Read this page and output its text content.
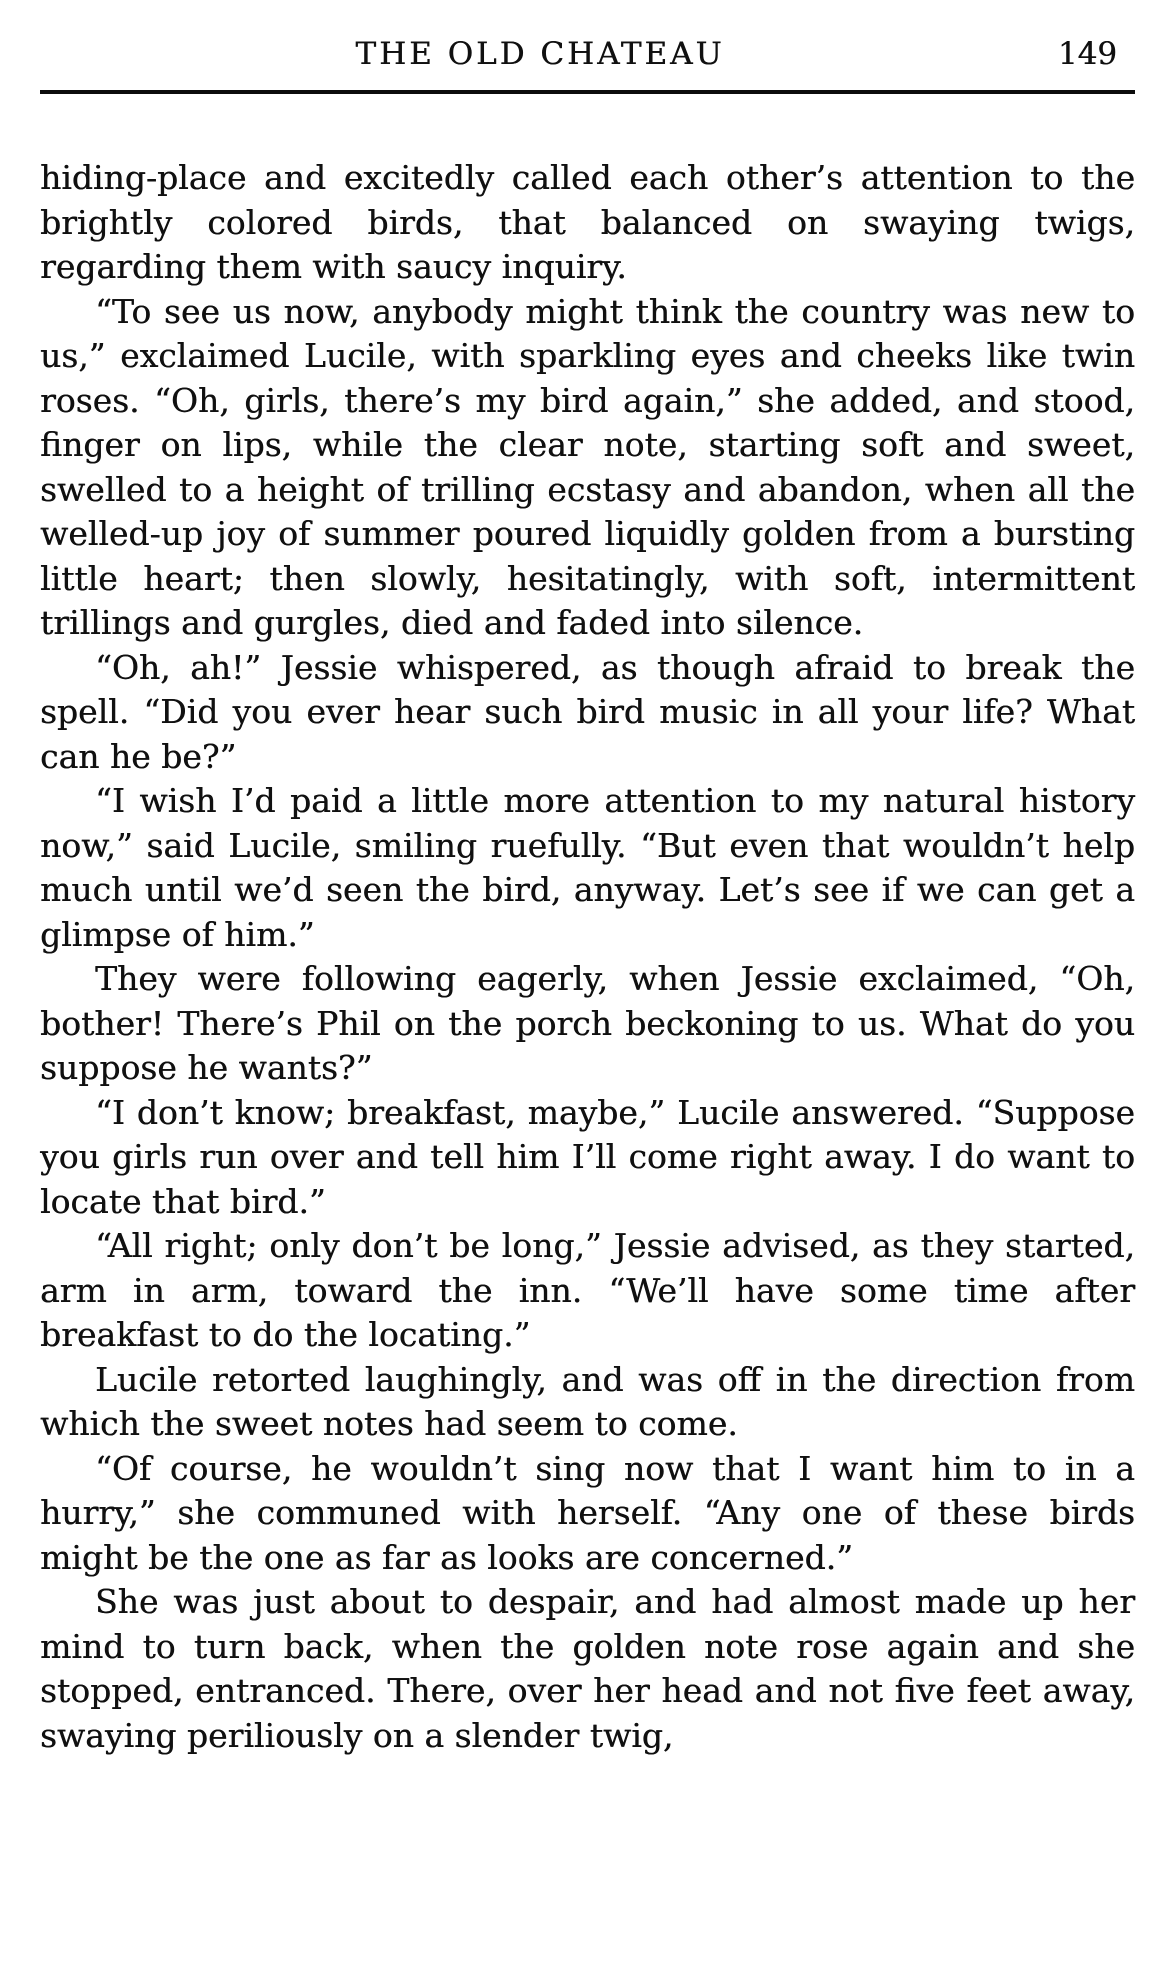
THE OLD CHATEAU	149

hiding-place and excitedly called each other’s attention to the brightly colored birds, that balanced on swaying twigs, regarding them with saucy inquiry.

“To see us now, anybody might think the country was new to us,” exclaimed Lucile, with sparkling eyes and cheeks like twin roses. “Oh, girls, there’s my bird again,” she added, and stood, finger on lips, while the clear note, starting soft and sweet, swelled to a height of trilling ecstasy and abandon, when all the welled-up joy of summer poured liquidly golden from a bursting little heart; then slowly, hesitatingly, with soft, intermittent trillings and gurgles, died and faded into silence.

“Oh, ah!” Jessie whispered, as though afraid to break the spell. “Did you ever hear such bird music in all your life? What can he be?”

“I wish I’d paid a little more attention to my natural history now,” said Lucile, smiling ruefully. “But even that wouldn’t help much until we’d seen the bird, anyway. Let’s see if we can get a glimpse of him.”

They were following eagerly, when Jessie exclaimed, “Oh, bother! There’s Phil on the porch beckoning to us. What do you suppose he wants?”

“I don’t know; breakfast, maybe,” Lucile answered. “Suppose you girls run over and tell him I’ll come right away. I do want to locate that bird.”

“All right; only don’t be long,” Jessie advised, as they started, arm in arm, toward the inn. “We’ll have some time after breakfast to do the locating.”

Lucile retorted laughingly, and was off in the direction from which the sweet notes had seem to come.

“Of course, he wouldn’t sing now that I want him to in a hurry,” she communed with herself. “Any one of these birds might be the one as far as looks are concerned.”

She was just about to despair, and had almost made up her mind to turn back, when the golden note rose again and she stopped, entranced. There, over her head and not five feet away, swaying periliously on a slender twig,
